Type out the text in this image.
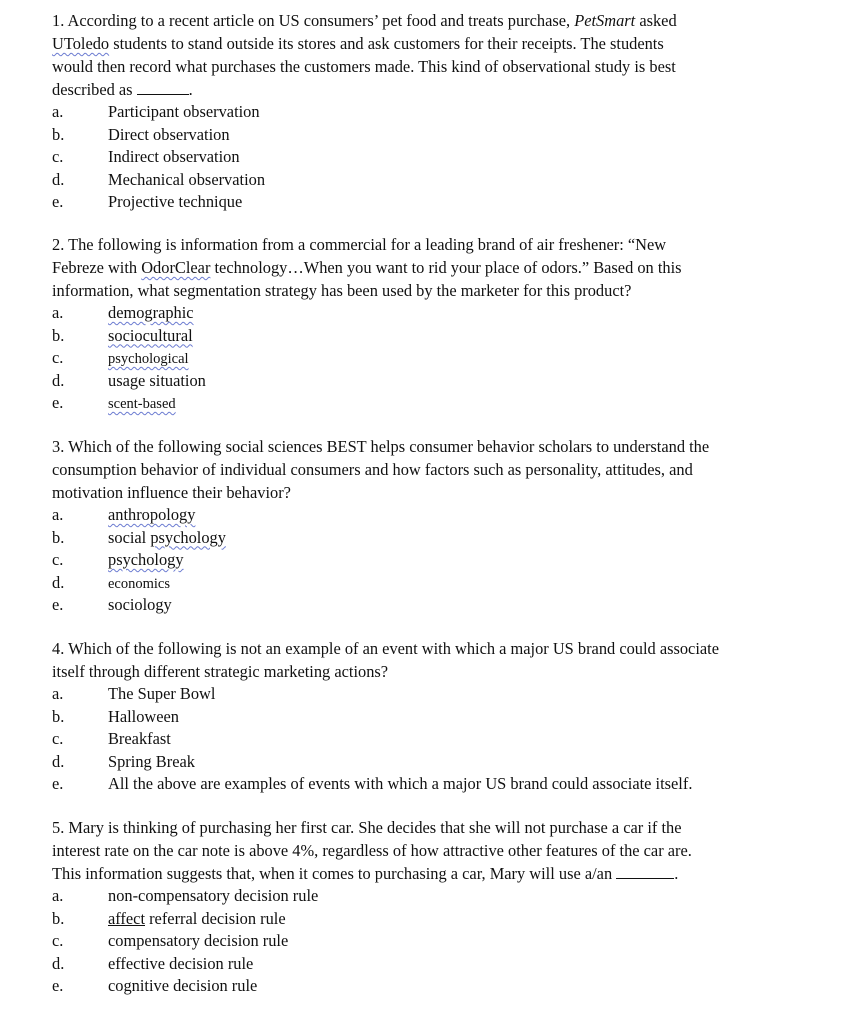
1. According to a recent article on US consumers’ pet food and treats purchase, PetSmart asked
UToledo students to stand outside its stores and ask customers for their receipts. The students
would then record what purchases the customers made. This kind of observational study is best
described as	.

a.	Participant observation
b.	Direct observation
c.	Indirect observation
d.	Mechanical observation
e.	Projective technique

2. The following is information from a commercial for a leading brand of air freshener: “New
Febreze with OdorClear technology…When you want to rid your place of odors.” Based on this
information, what segmentation strategy has been used by the marketer for this product?

a.	demographic
b.	sociocultural
c.	psychological
d.	usage situation
e.	scent-based

3. Which of the following social sciences BEST helps consumer behavior scholars to understand the
consumption behavior of individual consumers and how factors such as personality, attitudes, and
motivation influence their behavior?

a.	anthropology
b.	social psychology
c.	psychology
d.	economics
e.	sociology

4. Which of the following is not an example of an event with which a major US brand could associate
itself through different strategic marketing actions?

a.	The Super Bowl
b.	Halloween
c.	Breakfast
d.	Spring Break
e.	All the above are examples of events with which a major US brand could associate itself.

5. Mary is thinking of purchasing her first car. She decides that she will not purchase a car if the
interest rate on the car note is above 4%, regardless of how attractive other features of the car are.
This information suggests that, when it comes to purchasing a car, Mary will use a/an	.

a.	non-compensatory decision rule
b.	affect referral decision rule
c.	compensatory decision rule
d.	effective decision rule
e.	cognitive decision rule
